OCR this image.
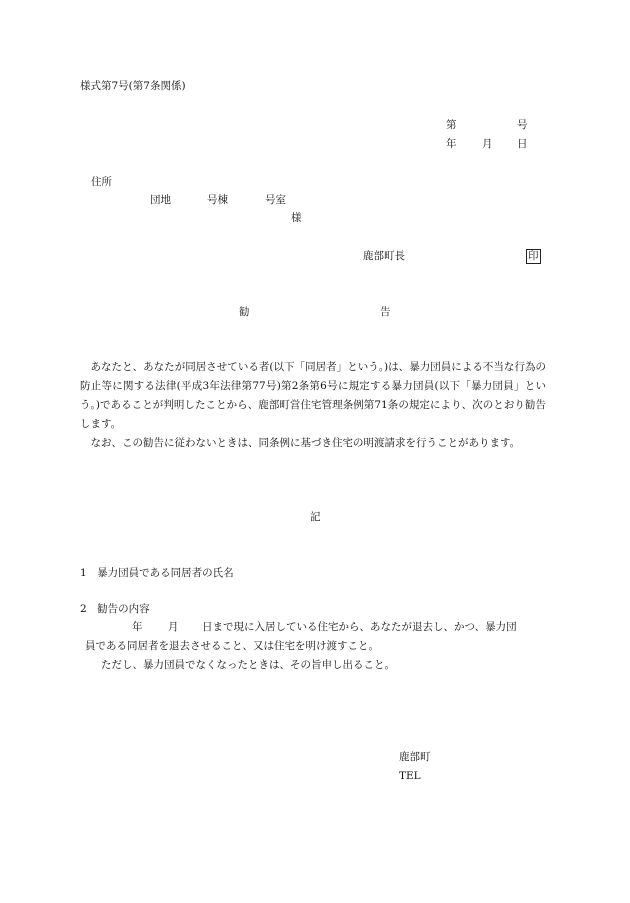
様式第7号(第7条関係)
第	号
年 月 日
住所
団地	号棟	号室
様
鹿部町長	印
勧	告
あなたと、あなたが同居させている者(以下「同居者」という。)は、暴力団員による不当な行為の防止等に関する法律(平成3年法律第77号)第2条第6号に規定する暴力団員(以下「暴力団員」という。)であることが判明したことから、鹿部町営住宅管理条例第71条の規定により、次のとおり勧告します。
なお、この勧告に従わないときは、同条例に基づき住宅の明渡請求を行うことがあります。
記
1　暴力団員である同居者の氏名
2　勧告の内容
年 月 日まで現に入居している住宅から、あなたが退去し、かつ、暴力団
員である同居者を退去させること、又は住宅を明け渡すこと。
ただし、暴力団員でなくなったときは、その旨申し出ること。
鹿部町
TEL
